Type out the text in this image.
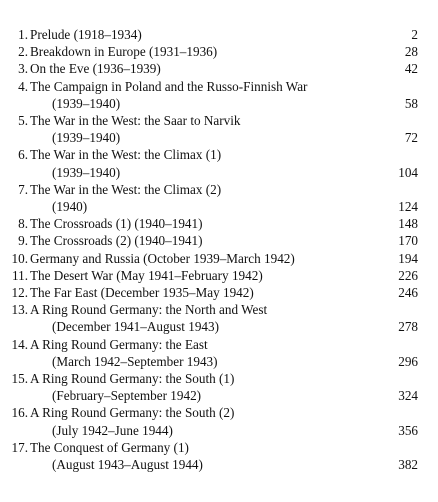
1. Prelude (1918–1934)	2
2. Breakdown in Europe (1931–1936)	28
3. On the Eve (1936–1939)	42
4. The Campaign in Poland and the Russo-Finnish War
(1939–1940)	58
5. The War in the West: the Saar to Narvik
(1939–1940)	72
6. The War in the West: the Climax (1)
(1939–1940)	104
7. The War in the West: the Climax (2)
(1940)	124
8. The Crossroads (1) (1940–1941)	148
9. The Crossroads (2) (1940–1941)	170
10. Germany and Russia (October 1939–March 1942)	194
11. The Desert War (May 1941–February 1942)	226
12. The Far East (December 1935–May 1942)	246
13. A Ring Round Germany: the North and West
(December 1941–August 1943)	278
14. A Ring Round Germany: the East
(March 1942–September 1943)	296
15. A Ring Round Germany: the South (1)
(February–September 1942)	324
16. A Ring Round Germany: the South (2)
(July 1942–June 1944)	356
17. The Conquest of Germany (1)
(August 1943–August 1944)	382
